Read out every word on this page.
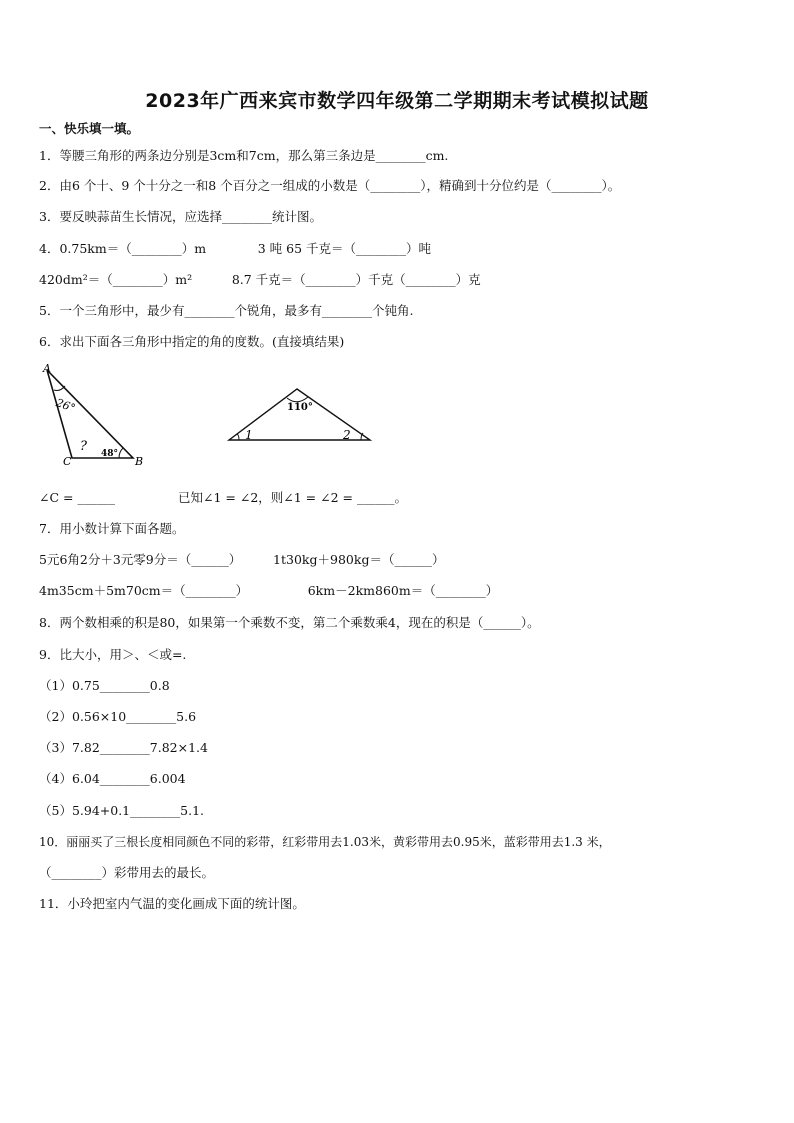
2023年广西来宾市数学四年级第二学期期末考试模拟试题
一、快乐填一填。
1．等腰三角形的两条边分别是3cm和7cm，那么第三条边是________cm.
2．由6 个十、9 个十分之一和8 个百分之一组成的小数是（________），精确到十分位约是（________）。
3．要反映蒜苗生长情况，应选择________统计图。
4．0.75km＝（________）m             3 吨 65 千克＝（________）吨
420dm²＝（________）m²          8.7 千克＝（________）千克（________）克
5．一个三角形中，最少有________个锐角，最多有________个钝角.
6．求出下面各三角形中指定的角的度数。(直接填结果)
A
B
C
26°
48°
?
110°
1	2
∠C = ______	已知∠1 = ∠2，则∠1 = ∠2 = ______。
7．用小数计算下面各题。
5元6角2分＋3元零9分＝（______）        1t30kg＋980kg＝（______）
4m35cm＋5m70cm＝（________）               6km－2km860m＝（________）
8．两个数相乘的积是80，如果第一个乘数不变，第二个乘数乘4，现在的积是（______）。
9．比大小，用＞、＜或=.
（1）0.75________0.8
（2）0.56×10________5.6
（3）7.82________7.82×1.4
（4）6.04________6.004
（5）5.94+0.1________5.1.
10．丽丽买了三根长度相同颜色不同的彩带，红彩带用去1.03米，黄彩带用去0.95米，蓝彩带用去1.3 米，
（________）彩带用去的最长。
11．小玲把室内气温的变化画成下面的统计图。
